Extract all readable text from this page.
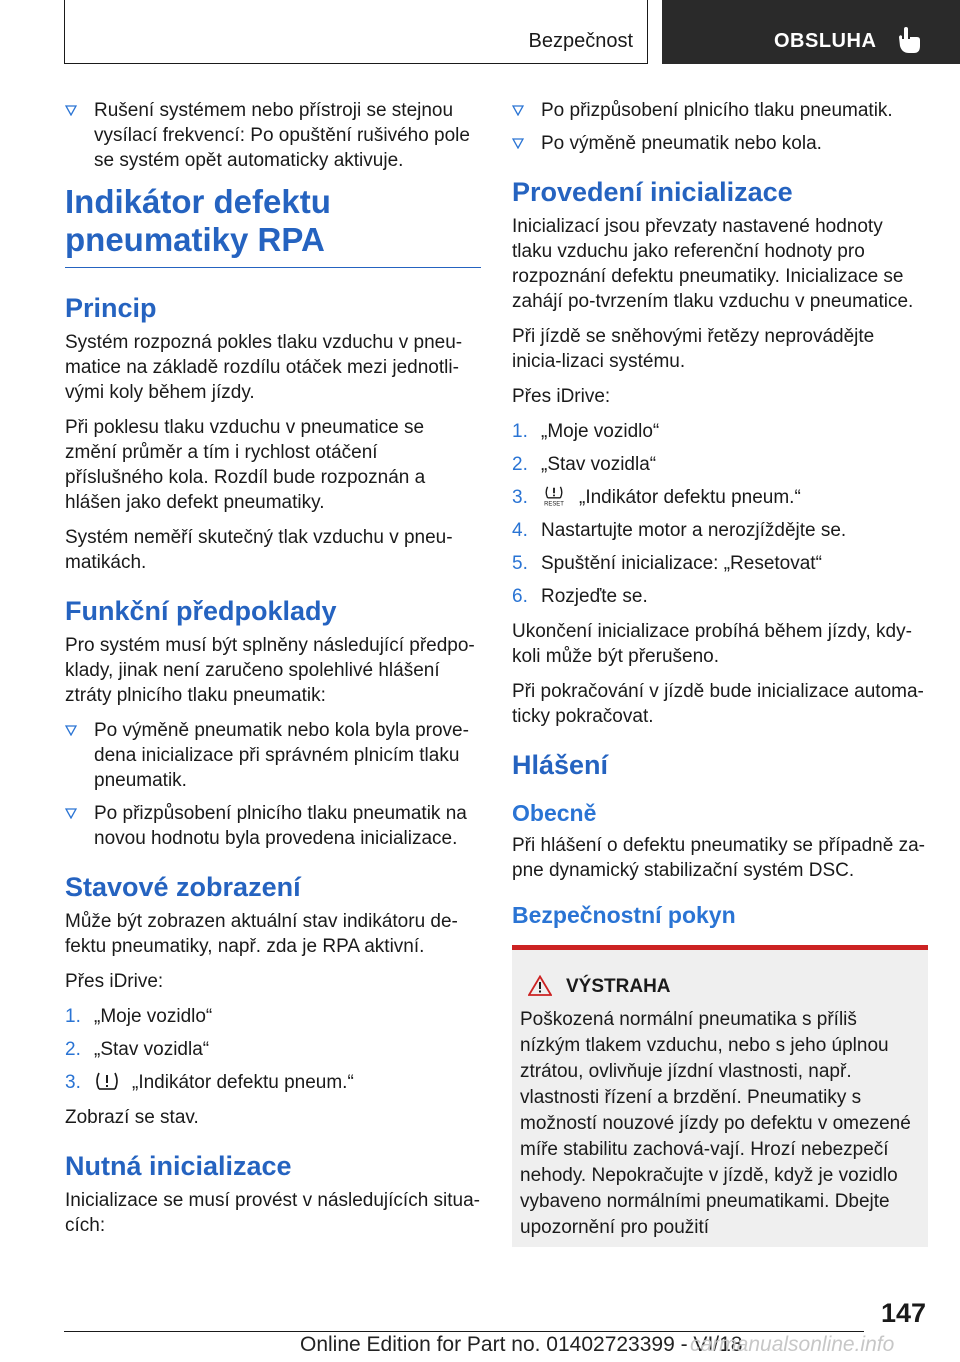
Bezpečnost	OBSLUHA
Rušení systémem nebo přístroji se stejnou vysílací frekvencí: Po opuštění rušivého pole se systém opět automaticky aktivuje.
Indikátor defektu pneumatiky RPA
Princip

Systém rozpozná pokles tlaku vzduchu v pneu‐matice na základě rozdílu otáček mezi jednotli‐vými koly během jízdy.

Při poklesu tlaku vzduchu v pneumatice se změní průměr a tím i rychlost otáčení příslušného kola. Rozdíl bude rozpoznán a hlášen jako defekt pneumatiky.

Systém neměří skutečný tlak vzduchu v pneu‐matikách.

Funkční předpoklady

Pro systém musí být splněny následující předpo‐klady, jinak není zaručeno spolehlivé hlášení ztráty plnicího tlaku pneumatik:

Po výměně pneumatik nebo kola byla prove‐dena inicializace při správném plnicím tlaku pneumatik.
Po přizpůsobení plnicího tlaku pneumatik na novou hodnotu byla provedena inicializace.
Stavové zobrazení

Může být zobrazen aktuální stav indikátoru de‐fektu pneumatiky, např. zda je RPA aktivní.

Přes iDrive:

1. „Moje vozidlo“
2. „Stav vozidla“
3.	„Indikátor defektu pneum.“

Zobrazí se stav.

Nutná inicializace

Inicializace se musí provést v následujících situa‐cích:

Po přizpůsobení plnicího tlaku pneumatik.
Po výměně pneumatik nebo kola.
Provedení inicializace

Inicializací jsou převzaty nastavené hodnoty tlaku vzduchu jako referenční hodnoty pro rozpoznání defektu pneumatiky. Inicializace se zahájí po‐tvrzením tlaku vzduchu v pneumatice.

Při jízdě se sněhovými řetězy neprovádějte inicia‐lizaci systému.

Přes iDrive:

1. „Moje vozidlo“
2. „Stav vozidla“
3. RESET „Indikátor defektu pneum.“
4. Nastartujte motor a nerozjíždějte se.
5. Spuštění inicializace: „Resetovat“
6. Rozjeďte se.

Ukončení inicializace probíhá během jízdy, kdy‐koli může být přerušeno.

Při pokračování v jízdě bude inicializace automa‐ticky pokračovat.

Hlášení
Obecně

Při hlášení o defektu pneumatiky se případně za‐pne dynamický stabilizační systém DSC.

Bezpečnostní pokyn
VÝSTRAHA

Poškozená normální pneumatika s příliš nízkým tlakem vzduchu, nebo s jeho úplnou ztrátou, ovlivňuje jízdní vlastnosti, např. vlastnosti řízení a brzdění. Pneumatiky s možností nouzové jízdy po defektu v omezené míře stabilitu zachová‐vají. Hrozí nebezpečí nehody. Nepokračujte v jízdě, když je vozidlo vybaveno normálními pneumatikami. Dbejte upozornění pro použití

147
Online Edition for Part no. 01402723399 - VI/18
carmanualsonline.info
